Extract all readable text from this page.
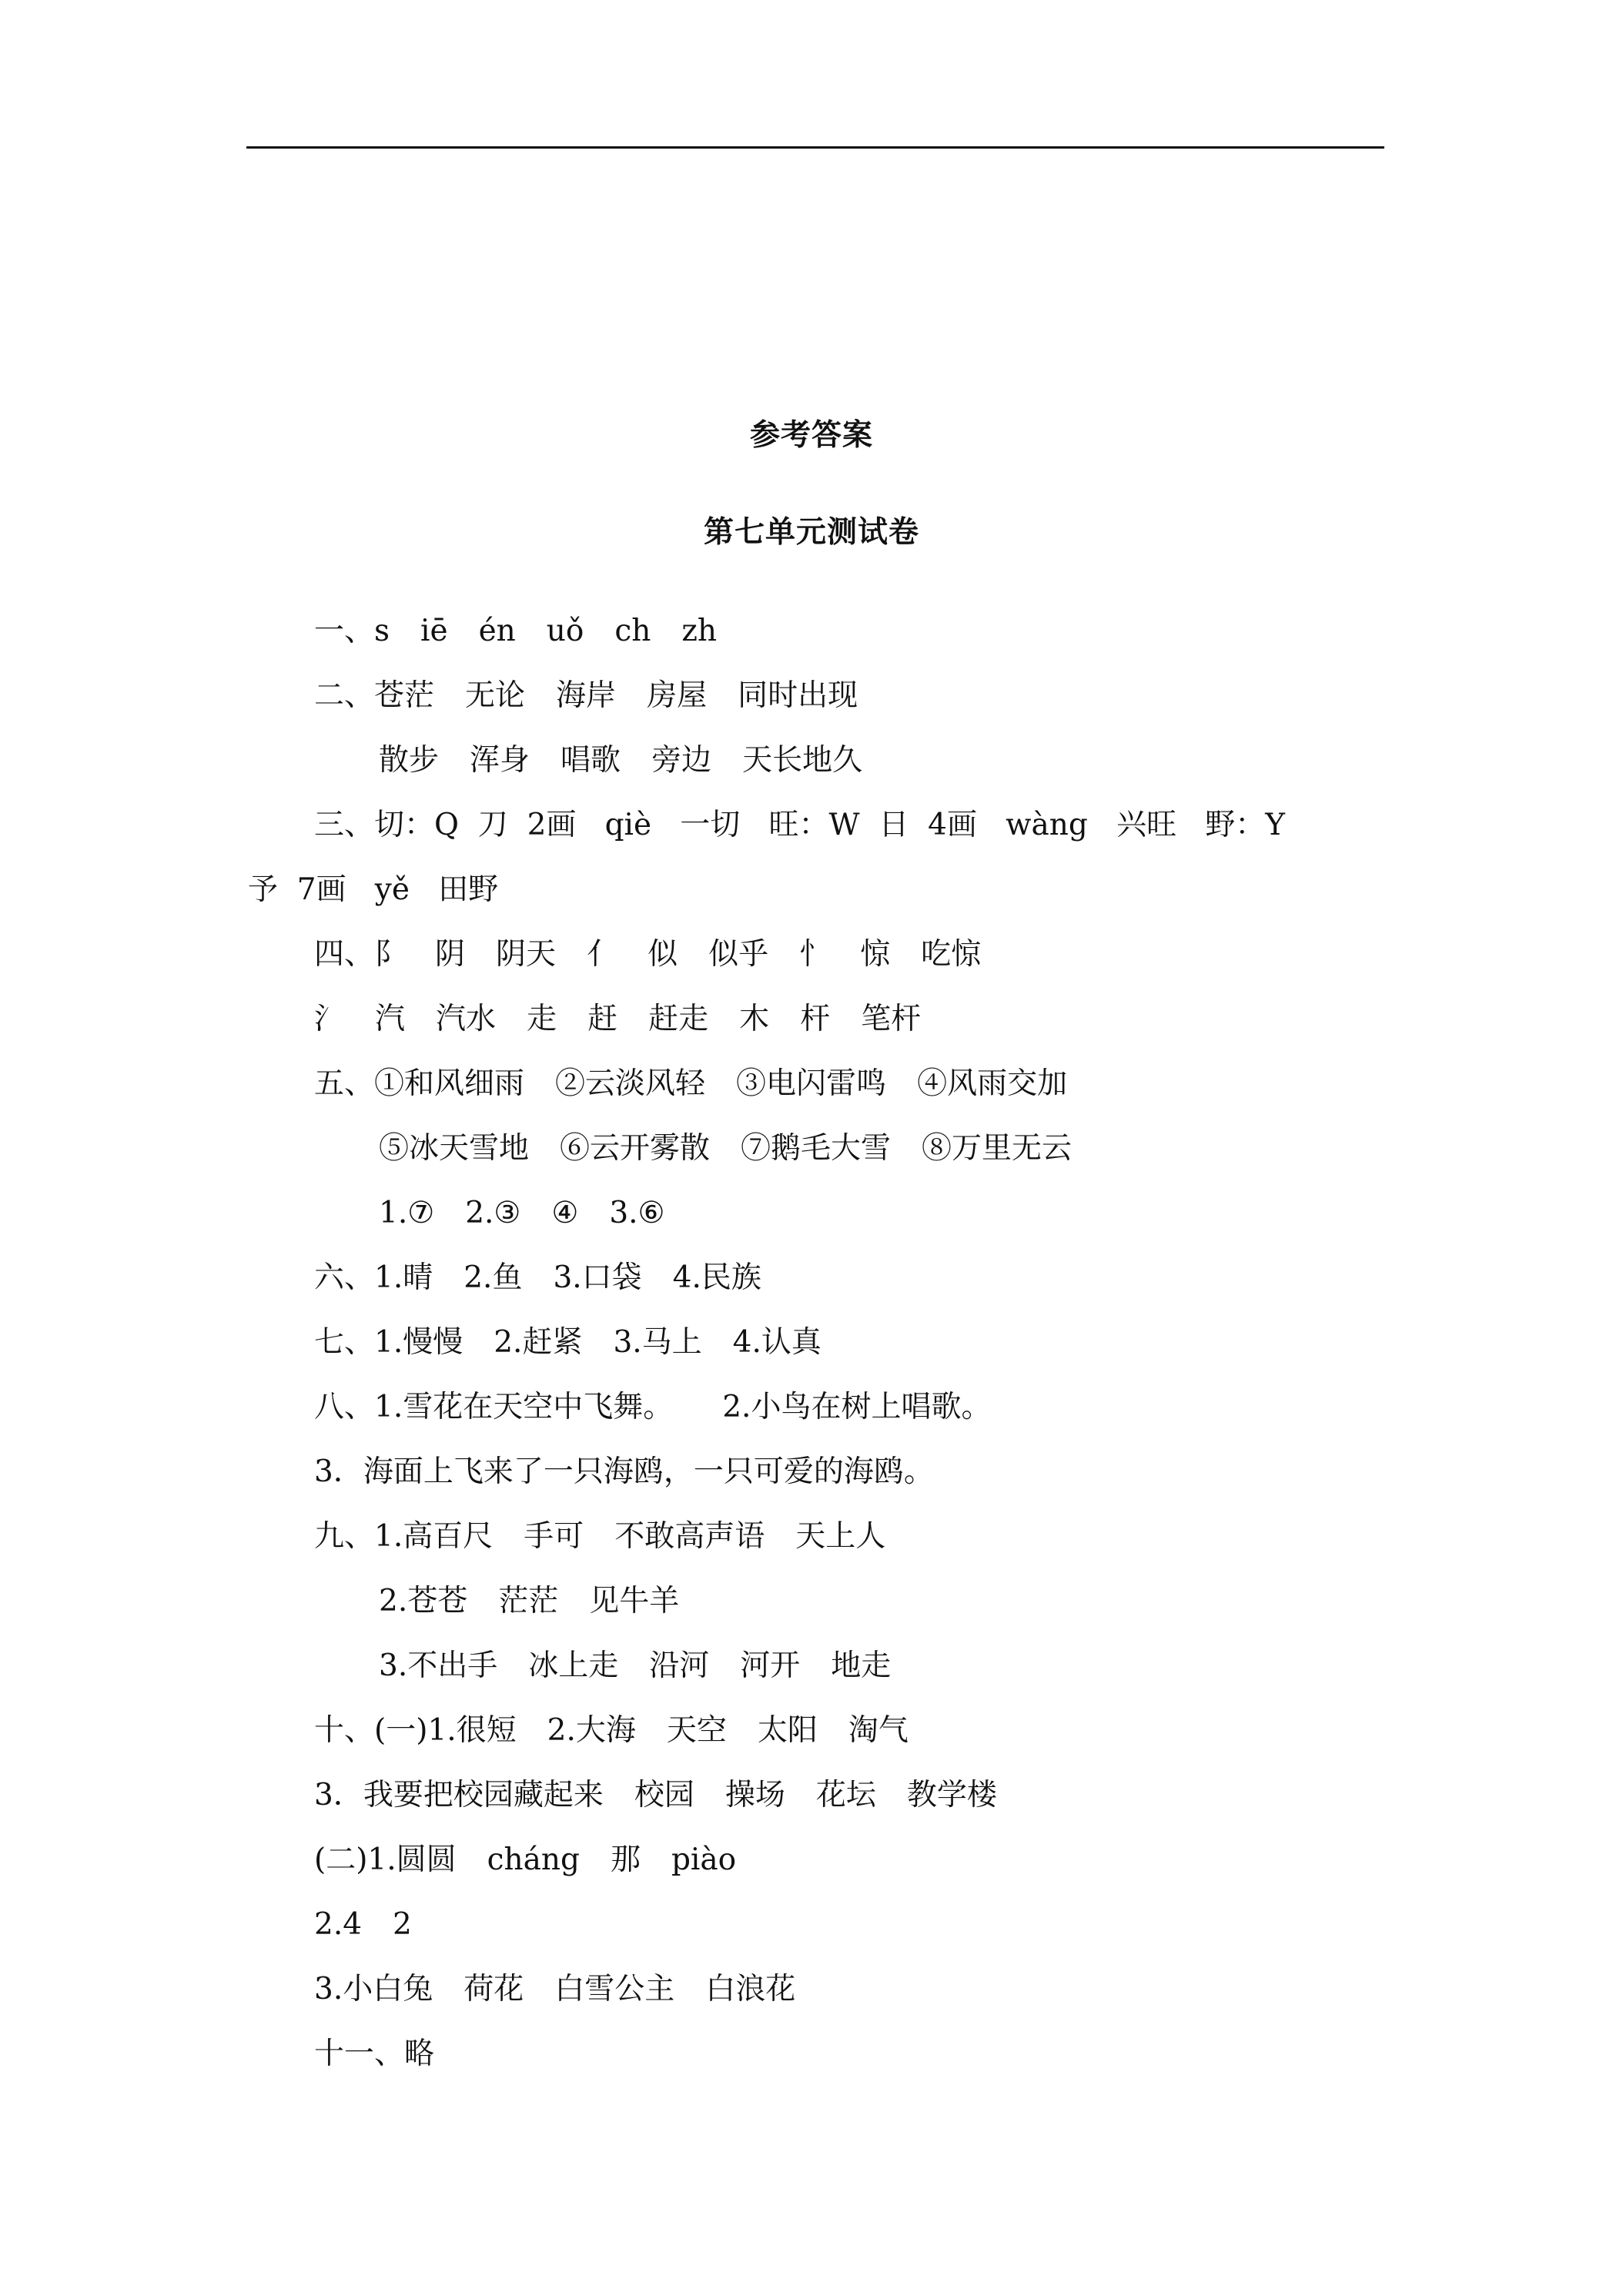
参考答案
第七单元测试卷
一、s iē én uǒ ch zh
二、苍茫 无论 海岸 房屋 同时出现
散步 浑身 唱歌 旁边 天长地久
三、切：Q  刀  2画   qiè   一切   旺：W  日  4画   wàng   兴旺   野：Y
予  7画   yě   田野
四、阝 阴 阴天 亻 似 似乎 忄 惊 吃惊
氵 汽 汽水 走 赶 赶走 木 杆 笔杆
五、①和风细雨 ②云淡风轻 ③电闪雷鸣 ④风雨交加
⑤冰天雪地 ⑥云开雾散 ⑦鹅毛大雪 ⑧万里无云
1.⑦ 2.③ ④ 3.⑥
六、1.晴 2.鱼 3.口袋 4.民族
七、1.慢慢 2.赶紧 3.马上 4.认真
八、1.雪花在天空中飞舞。 2.小鸟在树上唱歌。
3．海面上飞来了一只海鸥，一只可爱的海鸥。
九、1.高百尺 手可 不敢高声语 天上人
2.苍苍 茫茫 见牛羊
3.不出手 冰上走 沿河 河开 地走
十、(一)1.很短 2.大海 天空 太阳 淘气
3．我要把校园藏起来 校园 操场 花坛 教学楼
(二)1.圆圆 cháng 那 piào
2.4 2
3.小白兔 荷花 白雪公主 白浪花
十一、略
